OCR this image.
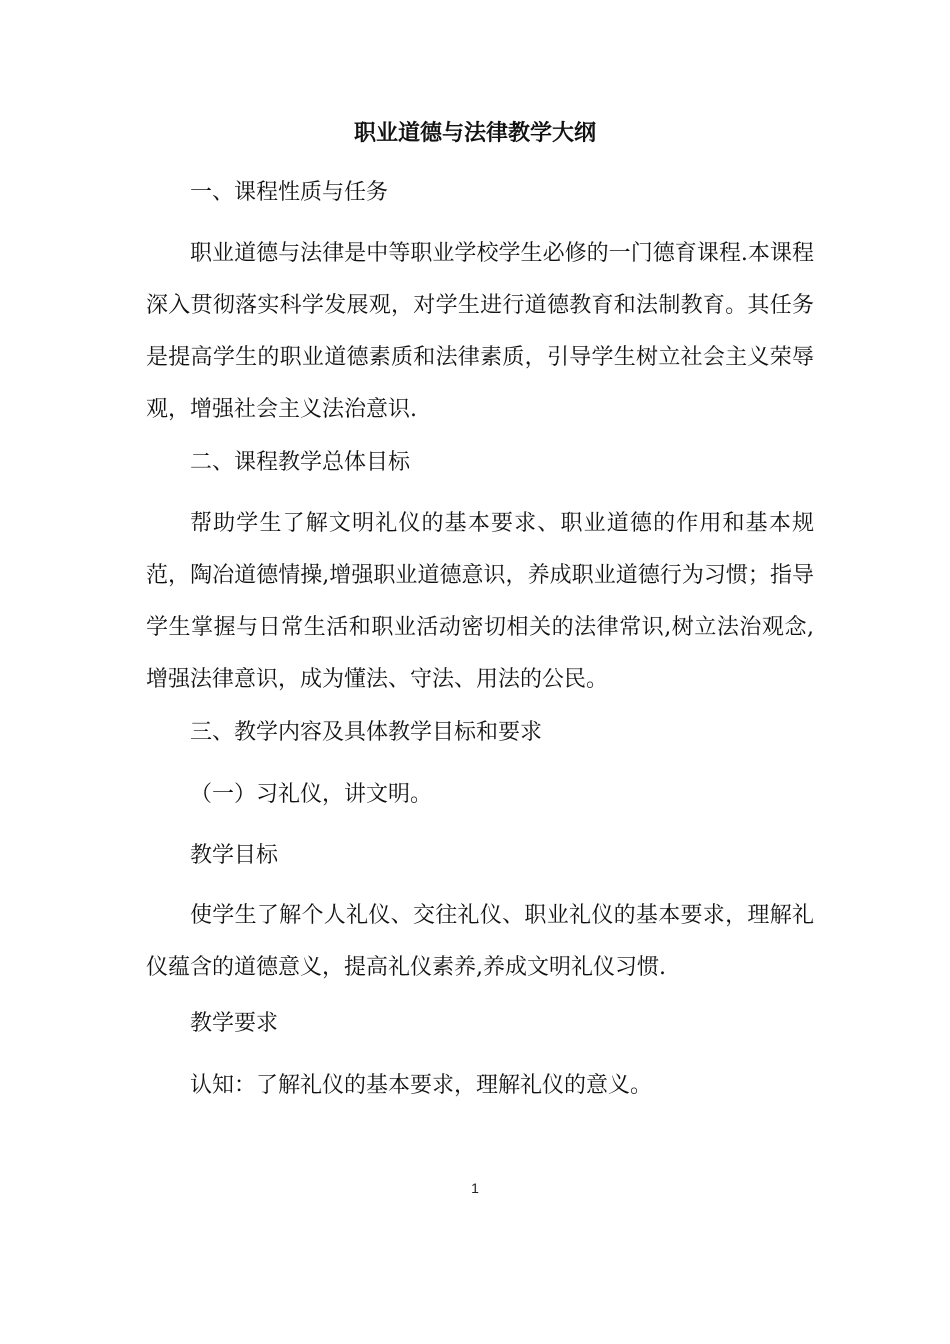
职业道德与法律教学大纲
一、课程性质与任务
职业道德与法律是中等职业学校学生必修的一门德育课程.本课程深入贯彻落实科学发展观，对学生进行道德教育和法制教育。其任务是提高学生的职业道德素质和法律素质，引导学生树立社会主义荣辱观，增强社会主义法治意识.
二、课程教学总体目标
帮助学生了解文明礼仪的基本要求、职业道德的作用和基本规范，陶冶道德情操,增强职业道德意识，养成职业道德行为习惯；指导学生掌握与日常生活和职业活动密切相关的法律常识,树立法治观念,增强法律意识，成为懂法、守法、用法的公民。
三、教学内容及具体教学目标和要求
（一）习礼仪，讲文明。
教学目标
使学生了解个人礼仪、交往礼仪、职业礼仪的基本要求，理解礼仪蕴含的道德意义，提高礼仪素养,养成文明礼仪习惯.
教学要求
认知：了解礼仪的基本要求，理解礼仪的意义。
1
